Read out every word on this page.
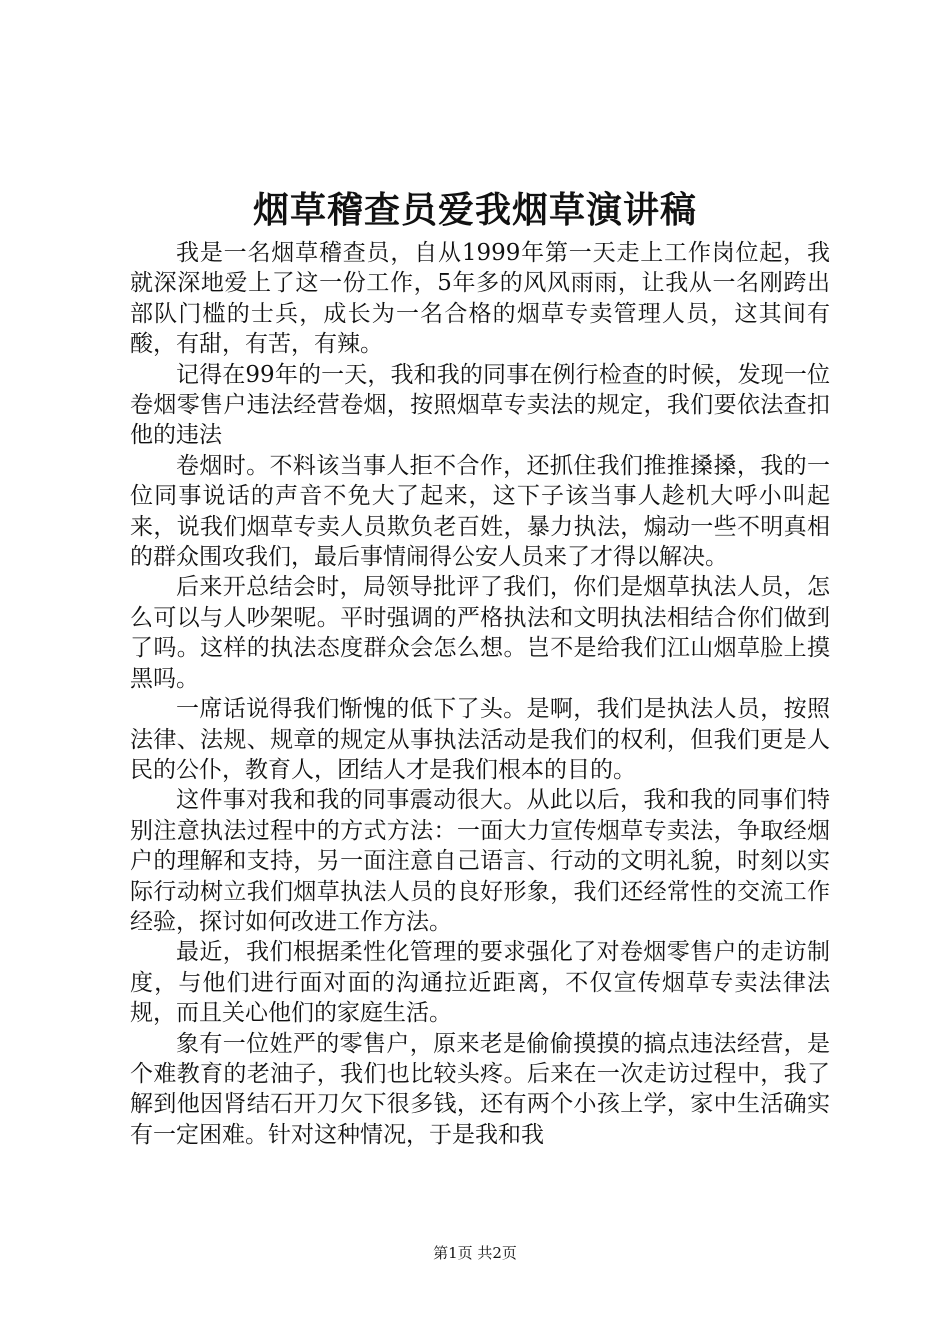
烟草稽查员爱我烟草演讲稿

我是一名烟草稽查员，自从1999年第一天走上工作岗位起，我就深深地爱上了这一份工作，5年多的风风雨雨，让我从一名刚跨出部队门槛的士兵，成长为一名合格的烟草专卖管理人员，这其间有酸，有甜，有苦，有辣。

记得在99年的一天，我和我的同事在例行检查的时候，发现一位卷烟零售户违法经营卷烟，按照烟草专卖法的规定，我们要依法查扣他的违法

卷烟时。不料该当事人拒不合作，还抓住我们推推搡搡，我的一位同事说话的声音不免大了起来，这下子该当事人趁机大呼小叫起来，说我们烟草专卖人员欺负老百姓，暴力执法，煽动一些不明真相的群众围攻我们，最后事情闹得公安人员来了才得以解决。

后来开总结会时，局领导批评了我们，你们是烟草执法人员，怎么可以与人吵架呢。平时强调的严格执法和文明执法相结合你们做到了吗。这样的执法态度群众会怎么想。岂不是给我们江山烟草脸上摸黑吗。

一席话说得我们惭愧的低下了头。是啊，我们是执法人员，按照法律、法规、规章的规定从事执法活动是我们的权利，但我们更是人民的公仆，教育人，团结人才是我们根本的目的。

这件事对我和我的同事震动很大。从此以后，我和我的同事们特别注意执法过程中的方式方法：一面大力宣传烟草专卖法，争取经烟户的理解和支持，另一面注意自己语言、行动的文明礼貌，时刻以实际行动树立我们烟草执法人员的良好形象，我们还经常性的交流工作经验，探讨如何改进工作方法。

最近，我们根据柔性化管理的要求强化了对卷烟零售户的走访制度，与他们进行面对面的沟通拉近距离，不仅宣传烟草专卖法律法规，而且关心他们的家庭生活。

象有一位姓严的零售户，原来老是偷偷摸摸的搞点违法经营，是个难教育的老油子，我们也比较头疼。后来在一次走访过程中，我了解到他因肾结石开刀欠下很多钱，还有两个小孩上学，家中生活确实有一定困难。针对这种情况，于是我和我

第1页 共2页
